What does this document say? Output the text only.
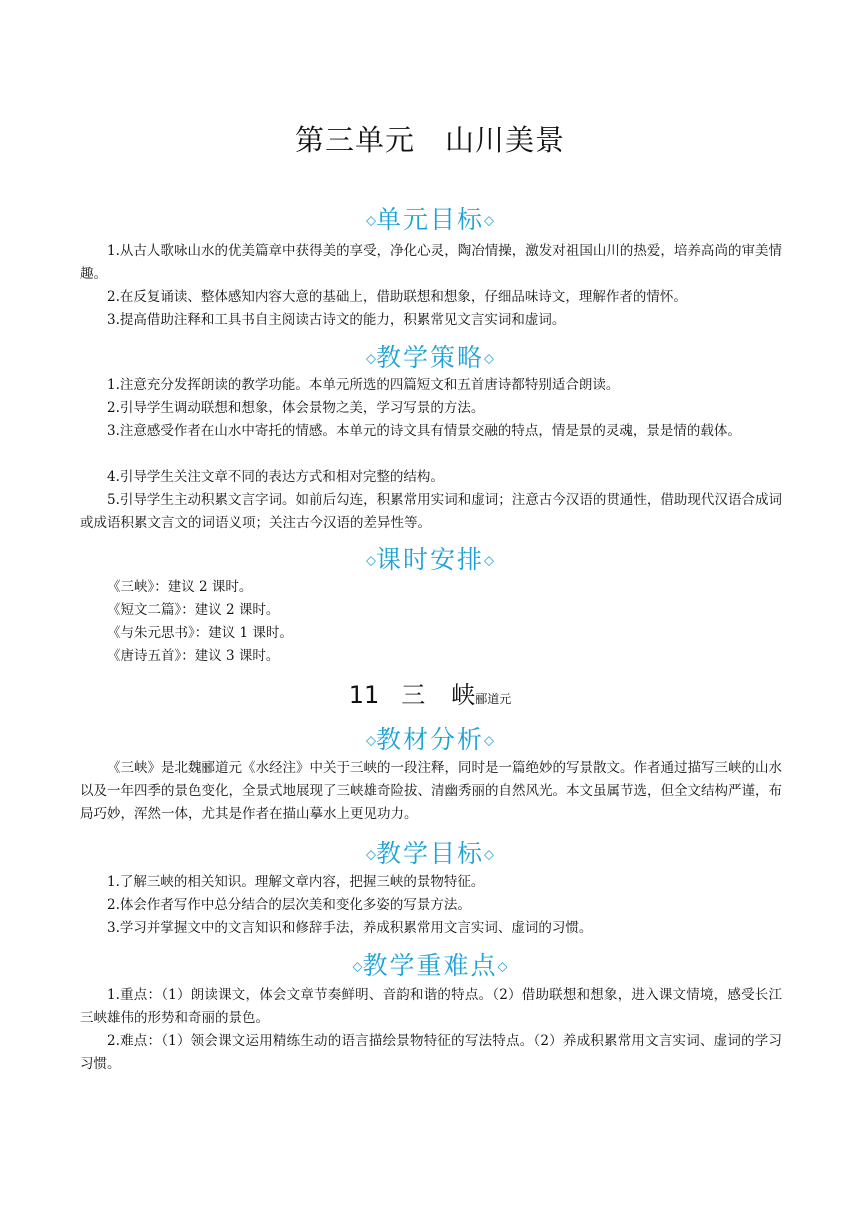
第三单元　山川美景
◇单元目标◇
1.从古人歌咏山水的优美篇章中获得美的享受，净化心灵，陶冶情操，激发对祖国山川的热爱，培养高尚的审美情趣。
2.在反复诵读、整体感知内容大意的基础上，借助联想和想象，仔细品味诗文，理解作者的情怀。
3.提高借助注释和工具书自主阅读古诗文的能力，积累常见文言实词和虚词。
◇教学策略◇
1.注意充分发挥朗读的教学功能。本单元所选的四篇短文和五首唐诗都特别适合朗读。
2.引导学生调动联想和想象，体会景物之美，学习写景的方法。
3.注意感受作者在山水中寄托的情感。本单元的诗文具有情景交融的特点，情是景的灵魂，景是情的载体。
4.引导学生关注文章不同的表达方式和相对完整的结构。
5.引导学生主动积累文言字词。如前后勾连，积累常用实词和虚词；注意古今汉语的贯通性，借助现代汉语合成词或成语积累文言文的词语义项；关注古今汉语的差异性等。
◇课时安排◇
《三峡》：建议 2 课时。
《短文二篇》：建议 2 课时。
《与朱元思书》：建议 1 课时。
《唐诗五首》：建议 3 课时。
11 三 峡郦道元
◇教材分析◇
《三峡》是北魏郦道元《水经注》中关于三峡的一段注释，同时是一篇绝妙的写景散文。作者通过描写三峡的山水以及一年四季的景色变化，全景式地展现了三峡雄奇险拔、清幽秀丽的自然风光。本文虽属节选，但全文结构严谨，布局巧妙，浑然一体，尤其是作者在描山摹水上更见功力。
◇教学目标◇
1.了解三峡的相关知识。理解文章内容，把握三峡的景物特征。
2.体会作者写作中总分结合的层次美和变化多姿的写景方法。
3.学习并掌握文中的文言知识和修辞手法，养成积累常用文言实词、虚词的习惯。
◇教学重难点◇
1.重点：（1）朗读课文，体会文章节奏鲜明、音韵和谐的特点。（2）借助联想和想象，进入课文情境，感受长江三峡雄伟的形势和奇丽的景色。
2.难点：（1）领会课文运用精练生动的语言描绘景物特征的写法特点。（2）养成积累常用文言实词、虚词的学习习惯。
